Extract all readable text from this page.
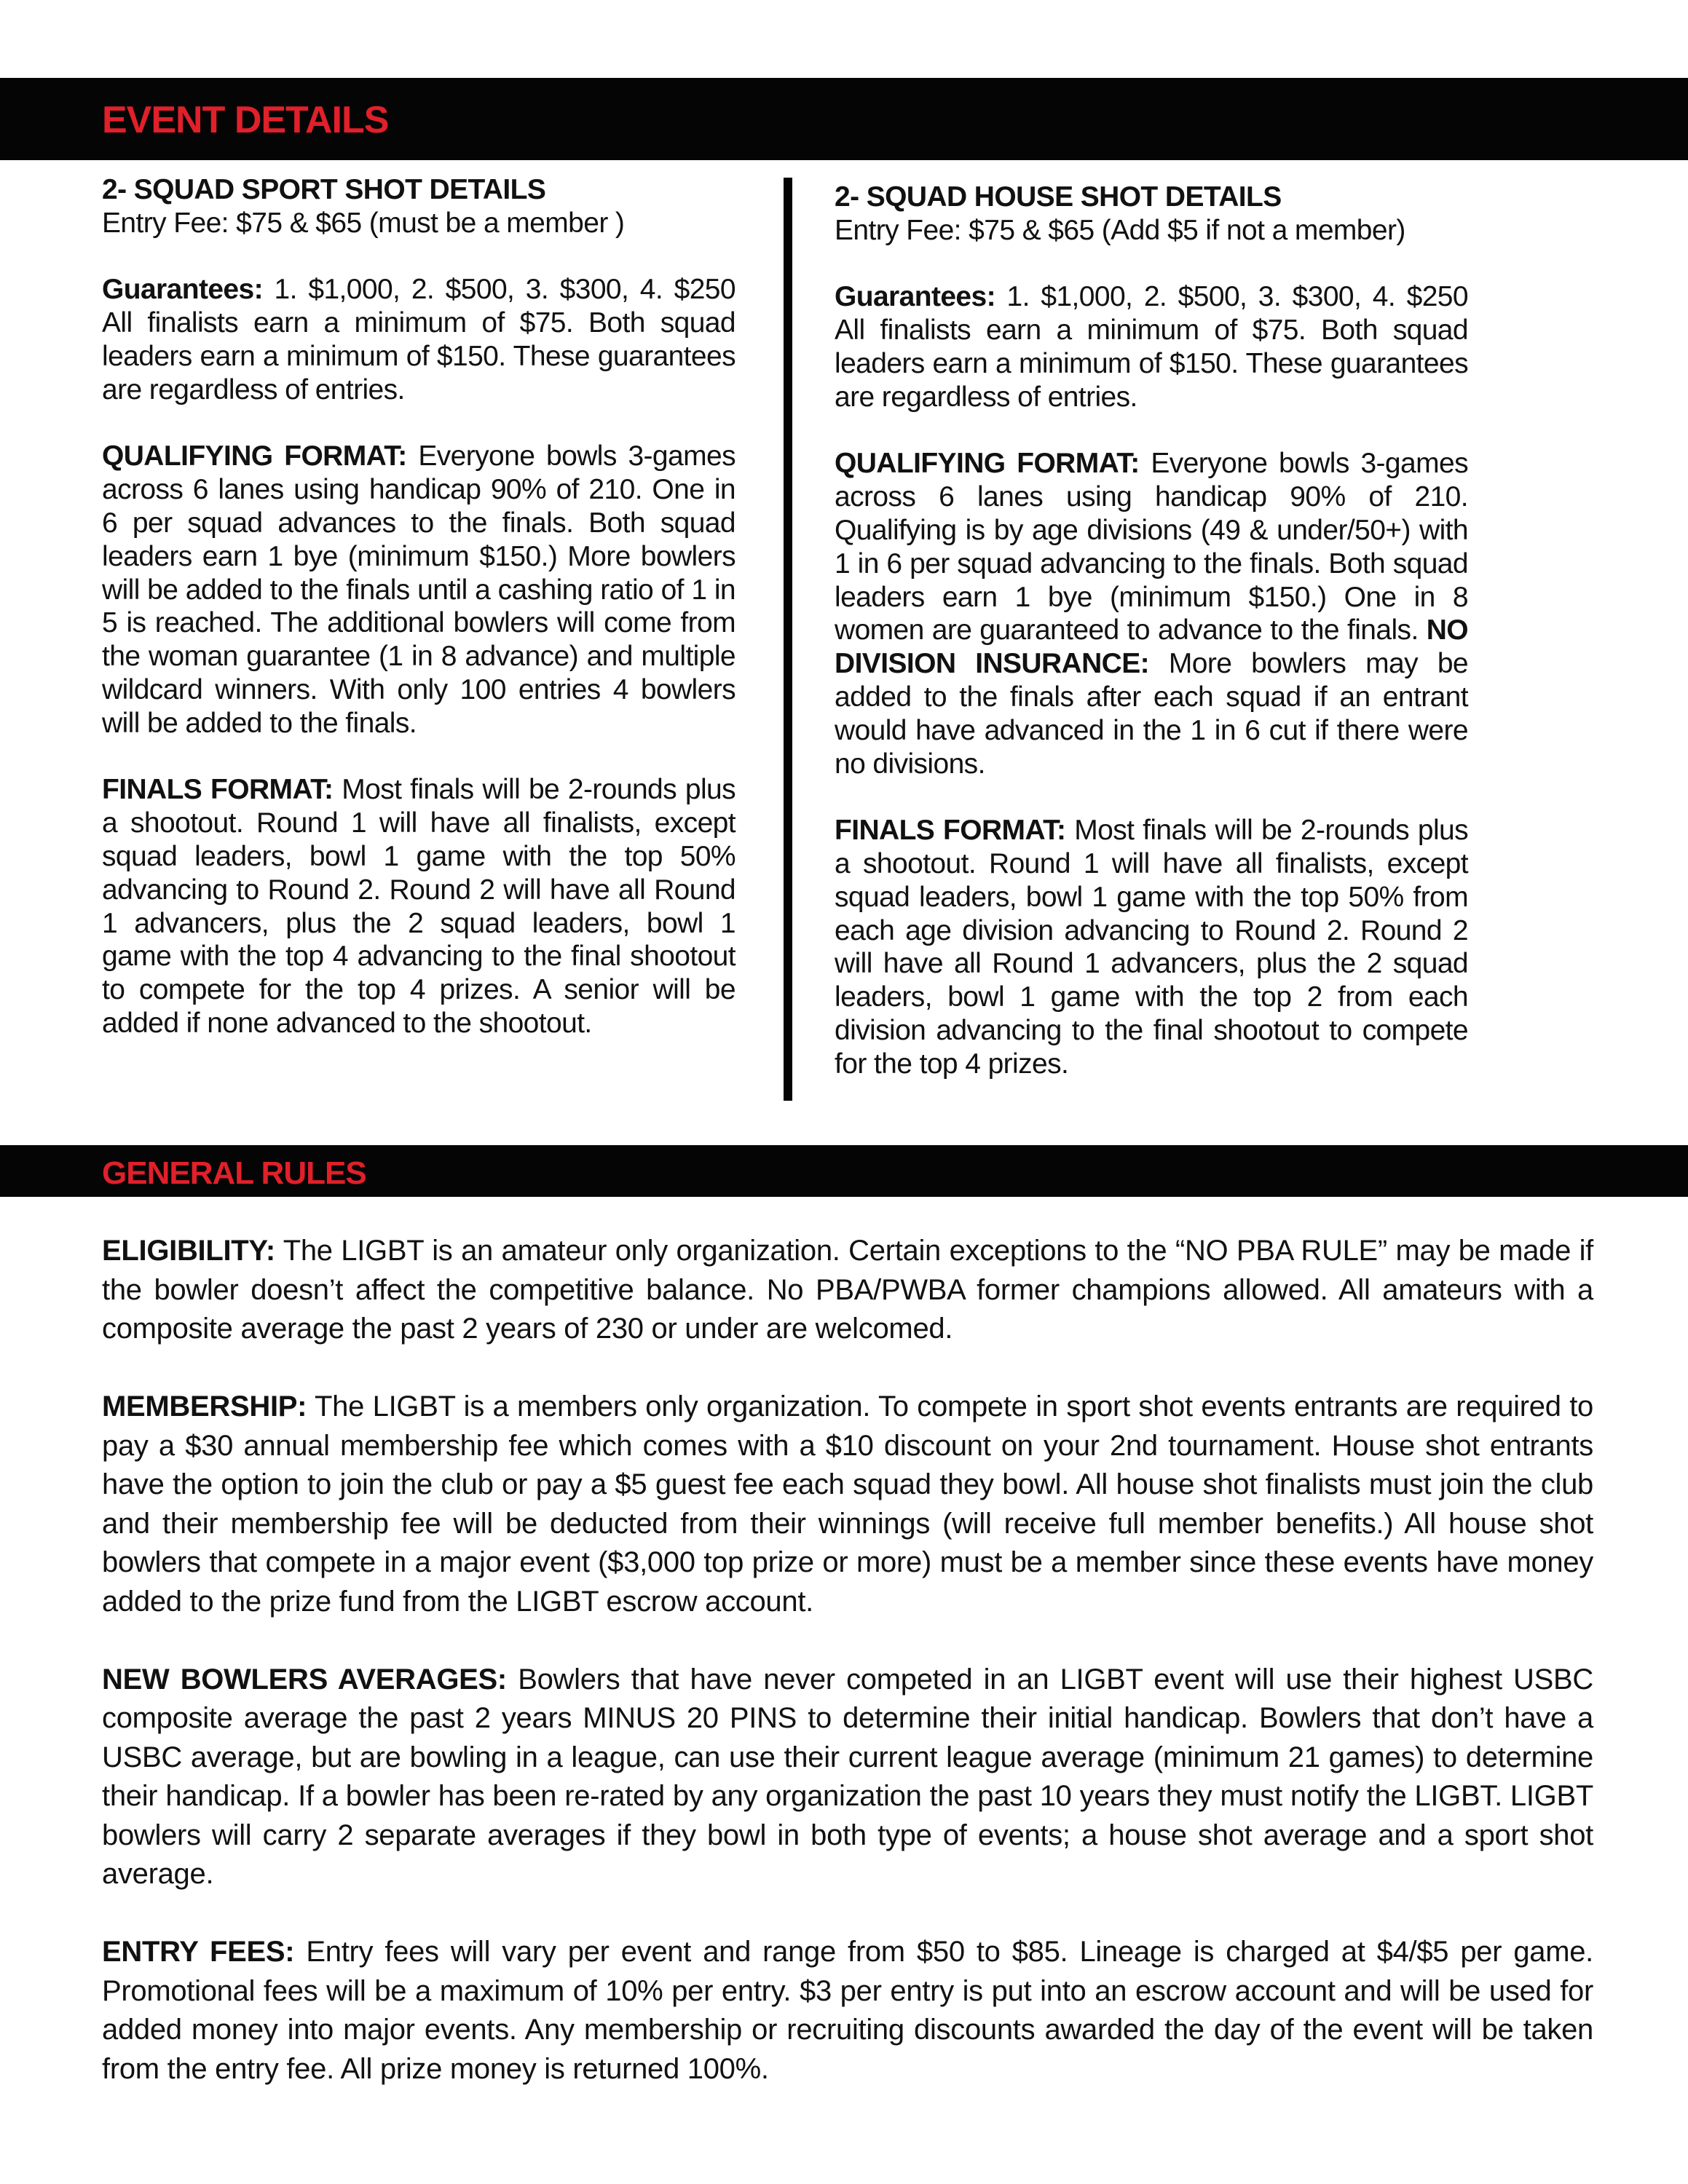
EVENT DETAILS

2- SQUAD SPORT SHOT DETAILS
Entry Fee: $75 & $65 (must be a member )

Guarantees: 1. $1,000, 2. $500, 3. $300, 4. $250 All finalists earn a minimum of $75. Both squad leaders earn a minimum of $150. These guarantees are regardless of entries.

QUALIFYING FORMAT: Everyone bowls 3-games across 6 lanes using handicap 90% of 210. One in 6 per squad advances to the finals. Both squad leaders earn 1 bye (minimum $150.) More bowlers will be added to the finals until a cashing ratio of 1 in 5 is reached. The additional bowlers will come from the woman guarantee (1 in 8 advance) and multiple wildcard winners. With only 100 entries 4 bowlers will be added to the finals.

FINALS FORMAT: Most finals will be 2-rounds plus a shootout. Round 1 will have all finalists, except squad leaders, bowl 1 game with the top 50% advancing to Round 2. Round 2 will have all Round 1 advancers, plus the 2 squad leaders, bowl 1 game with the top 4 advancing to the final shootout to compete for the top 4 prizes. A senior will be added if none advanced to the shootout.

2- SQUAD HOUSE SHOT DETAILS
Entry Fee: $75 & $65 (Add $5 if not a member)

Guarantees: 1. $1,000, 2. $500, 3. $300, 4. $250 All finalists earn a minimum of $75. Both squad leaders earn a minimum of $150. These guarantees are regardless of entries.

QUALIFYING FORMAT: Everyone bowls 3-games across 6 lanes using handicap 90% of 210. Qualifying is by age divisions (49 & under/50+) with 1 in 6 per squad advancing to the finals. Both squad leaders earn 1 bye (minimum $150.) One in 8 women are guaranteed to advance to the finals. NO DIVISION INSURANCE: More bowlers may be added to the finals after each squad if an entrant would have advanced in the 1 in 6 cut if there were no divisions.

FINALS FORMAT: Most finals will be 2-rounds plus a shootout. Round 1 will have all finalists, except squad leaders, bowl 1 game with the top 50% from each age division advancing to Round 2. Round 2 will have all Round 1 advancers, plus the 2 squad leaders, bowl 1 game with the top 2 from each division advancing to the final shootout to compete for the top 4 prizes.

GENERAL RULES

ELIGIBILITY: The LIGBT is an amateur only organization. Certain exceptions to the “NO PBA RULE” may be made if the bowler doesn’t affect the competitive balance. No PBA/PWBA former champions allowed. All amateurs with a composite average the past 2 years of 230 or under are welcomed.

MEMBERSHIP: The LIGBT is a members only organization. To compete in sport shot events entrants are required to pay a $30 annual membership fee which comes with a $10 discount on your 2nd tournament. House shot entrants have the option to join the club or pay a $5 guest fee each squad they bowl. All house shot finalists must join the club and their membership fee will be deducted from their winnings (will receive full member benefits.) All house shot bowlers that compete in a major event ($3,000 top prize or more) must be a member since these events have money added to the prize fund from the LIGBT escrow account.

NEW BOWLERS AVERAGES: Bowlers that have never competed in an LIGBT event will use their highest USBC composite average the past 2 years MINUS 20 PINS to determine their initial handicap. Bowlers that don’t have a USBC average, but are bowling in a league, can use their current league average (minimum 21 games) to determine their handicap. If a bowler has been re-rated by any organization the past 10 years they must notify the LIGBT. LIGBT bowlers will carry 2 separate averages if they bowl in both type of events; a house shot average and a sport shot average.

ENTRY FEES: Entry fees will vary per event and range from $50 to $85. Lineage is charged at $4/$5 per game. Promotional fees will be a maximum of 10% per entry. $3 per entry is put into an escrow account and will be used for added money into major events. Any membership or recruiting discounts awarded the day of the event will be taken from the entry fee. All prize money is returned 100%.
